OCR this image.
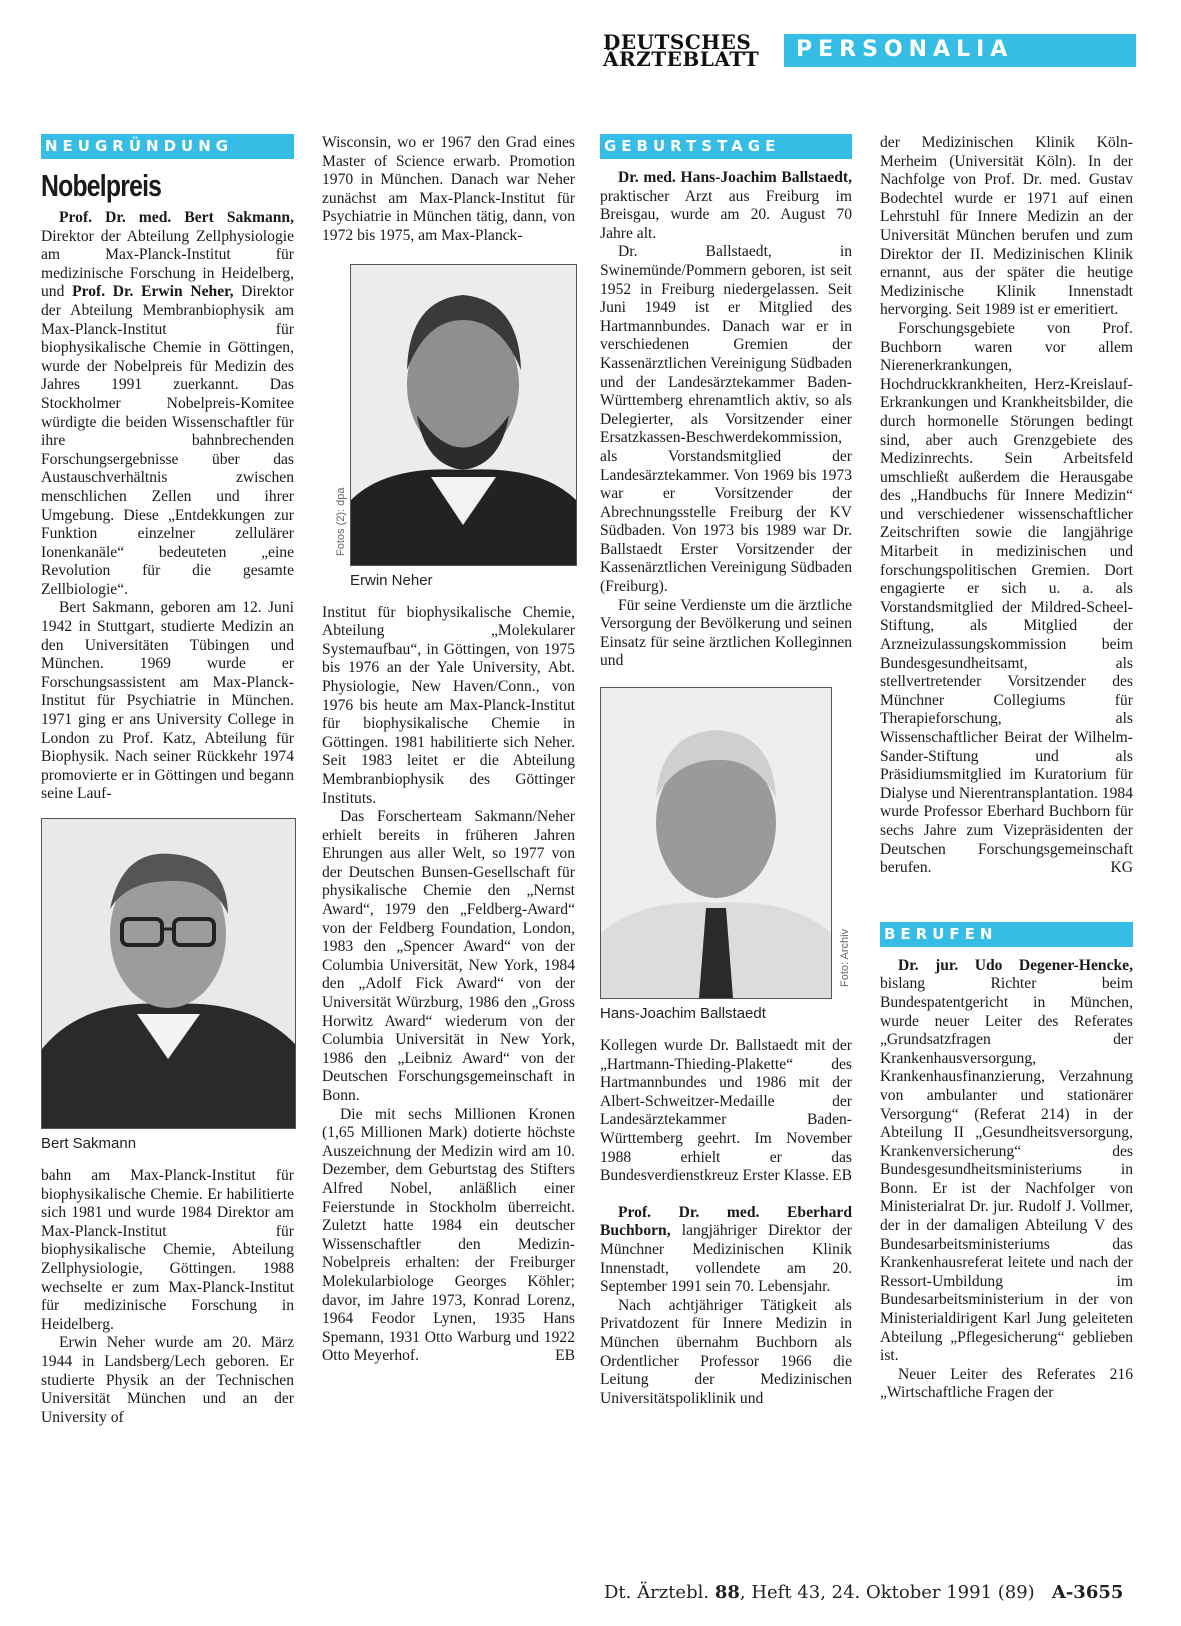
DEUTSCHES
ÄRZTEBLATT PERSONALIA
NEUGRÜNDUNG
Nobelpreis

Prof. Dr. med. Bert Sakmann, Direktor der Abteilung Zellphysiologie am Max-Planck-Institut für medizinische Forschung in Heidelberg, und Prof. Dr. Erwin Neher, Direktor der Abteilung Membranbiophysik am Max-Planck-Institut für biophysikalische Chemie in Göttingen, wurde der Nobelpreis für Medizin des Jahres 1991 zuerkannt. Das Stockholmer Nobelpreis-Komitee würdigte die beiden Wissenschaftler für ihre bahnbrechenden Forschungsergebnisse über das Austauschverhältnis zwischen menschlichen Zellen und ihrer Umgebung. Diese „Entdekkungen zur Funktion einzelner zellulärer Ionenkanäle“ bedeuteten „eine Revolution für die gesamte Zellbiologie“.

Bert Sakmann, geboren am 12. Juni 1942 in Stuttgart, studierte Medizin an den Universitäten Tübingen und München. 1969 wurde er Forschungsassistent am Max-Planck-Institut für Psychiatrie in München. 1971 ging er ans University College in London zu Prof. Katz, Abteilung für Biophysik. Nach seiner Rückkehr 1974 promovierte er in Göttingen und begann seine Lauf-

Bert Sakmann

bahn am Max-Planck-Institut für biophysikalische Chemie. Er habilitierte sich 1981 und wurde 1984 Direktor am Max-Planck-Institut für biophysikalische Chemie, Abteilung Zellphysiologie, Göttingen. 1988 wechselte er zum Max-Planck-Institut für medizinische Forschung in Heidelberg.

Erwin Neher wurde am 20. März 1944 in Landsberg/Lech geboren. Er studierte Physik an der Technischen Universität München und an der University of

Wisconsin, wo er 1967 den Grad eines Master of Science erwarb. Promotion 1970 in München. Danach war Neher zunächst am Max-Planck-Institut für Psychiatrie in München tätig, dann, von 1972 bis 1975, am Max-Planck-

Fotos (2): dpa
Erwin Neher

Institut für biophysikalische Chemie, Abteilung „Molekularer Systemaufbau“, in Göttingen, von 1975 bis 1976 an der Yale University, Abt. Physiologie, New Haven/Conn., von 1976 bis heute am Max-Planck-Institut für biophysikalische Chemie in Göttingen. 1981 habilitierte sich Neher. Seit 1983 leitet er die Abteilung Membranbiophysik des Göttinger Instituts.

Das Forscherteam Sakmann/Neher erhielt bereits in früheren Jahren Ehrungen aus aller Welt, so 1977 von der Deutschen Bunsen-Gesellschaft für physikalische Chemie den „Nernst Award“, 1979 den „Feldberg-Award“ von der Feldberg Foundation, London, 1983 den „Spencer Award“ von der Columbia Universität, New York, 1984 den „Adolf Fick Award“ von der Universität Würzburg, 1986 den „Gross Horwitz Award“ wiederum von der Columbia Universität in New York, 1986 den „Leibniz Award“ von der Deutschen Forschungsgemeinschaft in Bonn.

Die mit sechs Millionen Kronen (1,65 Millionen Mark) dotierte höchste Auszeichnung der Medizin wird am 10. Dezember, dem Geburtstag des Stifters Alfred Nobel, anläßlich einer Feierstunde in Stockholm überreicht. Zuletzt hatte 1984 ein deutscher Wissenschaftler den Medizin-Nobelpreis erhalten: der Freiburger Molekularbiologe Georges Köhler; davor, im Jahre 1973, Konrad Lorenz, 1964 Feodor Lynen, 1935 Hans Spemann, 1931 Otto Warburg und 1922 Otto Meyerhof.	EB
GEBURTSTAGE

Dr. med. Hans-Joachim Ballstaedt, praktischer Arzt aus Freiburg im Breisgau, wurde am 20. August 70 Jahre alt.

Dr. Ballstaedt, in Swinemünde/Pommern geboren, ist seit 1952 in Freiburg niedergelassen. Seit Juni 1949 ist er Mitglied des Hartmannbundes. Danach war er in verschiedenen Gremien der Kassenärztlichen Vereinigung Südbaden und der Landesärztekammer Baden-Württemberg ehrenamtlich aktiv, so als Delegierter, als Vorsitzender einer Ersatzkassen-Beschwerdekommission, als Vorstandsmitglied der Landesärztekammer. Von 1969 bis 1973 war er Vorsitzender der Abrechnungsstelle Freiburg der KV Südbaden. Von 1973 bis 1989 war Dr. Ballstaedt Erster Vorsitzender der Kassenärztlichen Vereinigung Südbaden (Freiburg).

Für seine Verdienste um die ärztliche Versorgung der Bevölkerung und seinen Einsatz für seine ärztlichen Kolleginnen und

Foto: Archiv
Hans-Joachim Ballstaedt

Kollegen wurde Dr. Ballstaedt mit der „Hartmann-Thieding-Plakette“ des Hartmannbundes und 1986 mit der Albert-Schweitzer-Medaille der Landesärztekammer Baden-Württemberg geehrt. Im November 1988 erhielt er das Bundesverdienstkreuz Erster Klasse. EB

Prof. Dr. med. Eberhard Buchborn, langjähriger Direktor der Münchner Medizinischen Klinik Innenstadt, vollendete am 20. September 1991 sein 70. Lebensjahr.

Nach achtjähriger Tätigkeit als Privatdozent für Innere Medizin in München übernahm Buchborn als Ordentlicher Professor 1966 die Leitung der Medizinischen Universitätspoliklinik und

der Medizinischen Klinik Köln-Merheim (Universität Köln). In der Nachfolge von Prof. Dr. med. Gustav Bodechtel wurde er 1971 auf einen Lehrstuhl für Innere Medizin an der Universität München berufen und zum Direktor der II. Medizinischen Klinik ernannt, aus der später die heutige Medizinische Klinik Innenstadt hervorging. Seit 1989 ist er emeritiert.

Forschungsgebiete von Prof. Buchborn waren vor allem Nierenerkrankungen, Hochdruckkrankheiten, Herz-Kreislauf-Erkrankungen und Krankheitsbilder, die durch hormonelle Störungen bedingt sind, aber auch Grenzgebiete des Medizinrechts. Sein Arbeitsfeld umschließt außerdem die Herausgabe des „Handbuchs für Innere Medizin“ und verschiedener wissenschaftlicher Zeitschriften sowie die langjährige Mitarbeit in medizinischen und forschungspolitischen Gremien. Dort engagierte er sich u. a. als Vorstandsmitglied der Mildred-Scheel-Stiftung, als Mitglied der Arzneizulassungskommission beim Bundesgesundheitsamt, als stellvertretender Vorsitzender des Münchner Collegiums für Therapieforschung, als Wissenschaftlicher Beirat der Wilhelm-Sander-Stiftung und als Präsidiumsmitglied im Kuratorium für Dialyse und Nierentransplantation. 1984 wurde Professor Eberhard Buchborn für sechs Jahre zum Vizepräsidenten der Deutschen Forschungsgemeinschaft berufen.	KG
BERUFEN

Dr. jur. Udo Degener-Hencke, bislang Richter beim Bundespatentgericht in München, wurde neuer Leiter des Referates „Grundsatzfragen der Krankenhausversorgung, Krankenhausfinanzierung, Verzahnung von ambulanter und stationärer Versorgung“ (Referat 214) in der Abteilung II „Gesundheitsversorgung, Krankenversicherung“ des Bundesgesundheitsministeriums in Bonn. Er ist der Nachfolger von Ministerialrat Dr. jur. Rudolf J. Vollmer, der in der damaligen Abteilung V des Bundesarbeitsministeriums das Krankenhausreferat leitete und nach der Ressort-Umbildung im Bundesarbeitsministerium in der von Ministerialdirigent Karl Jung geleiteten Abteilung „Pflegesicherung“ geblieben ist.

Neuer Leiter des Referates 216 „Wirtschaftliche Fragen der

Dt. Ärztebl. 88, Heft 43, 24. Oktober 1991 (89) A-3655
